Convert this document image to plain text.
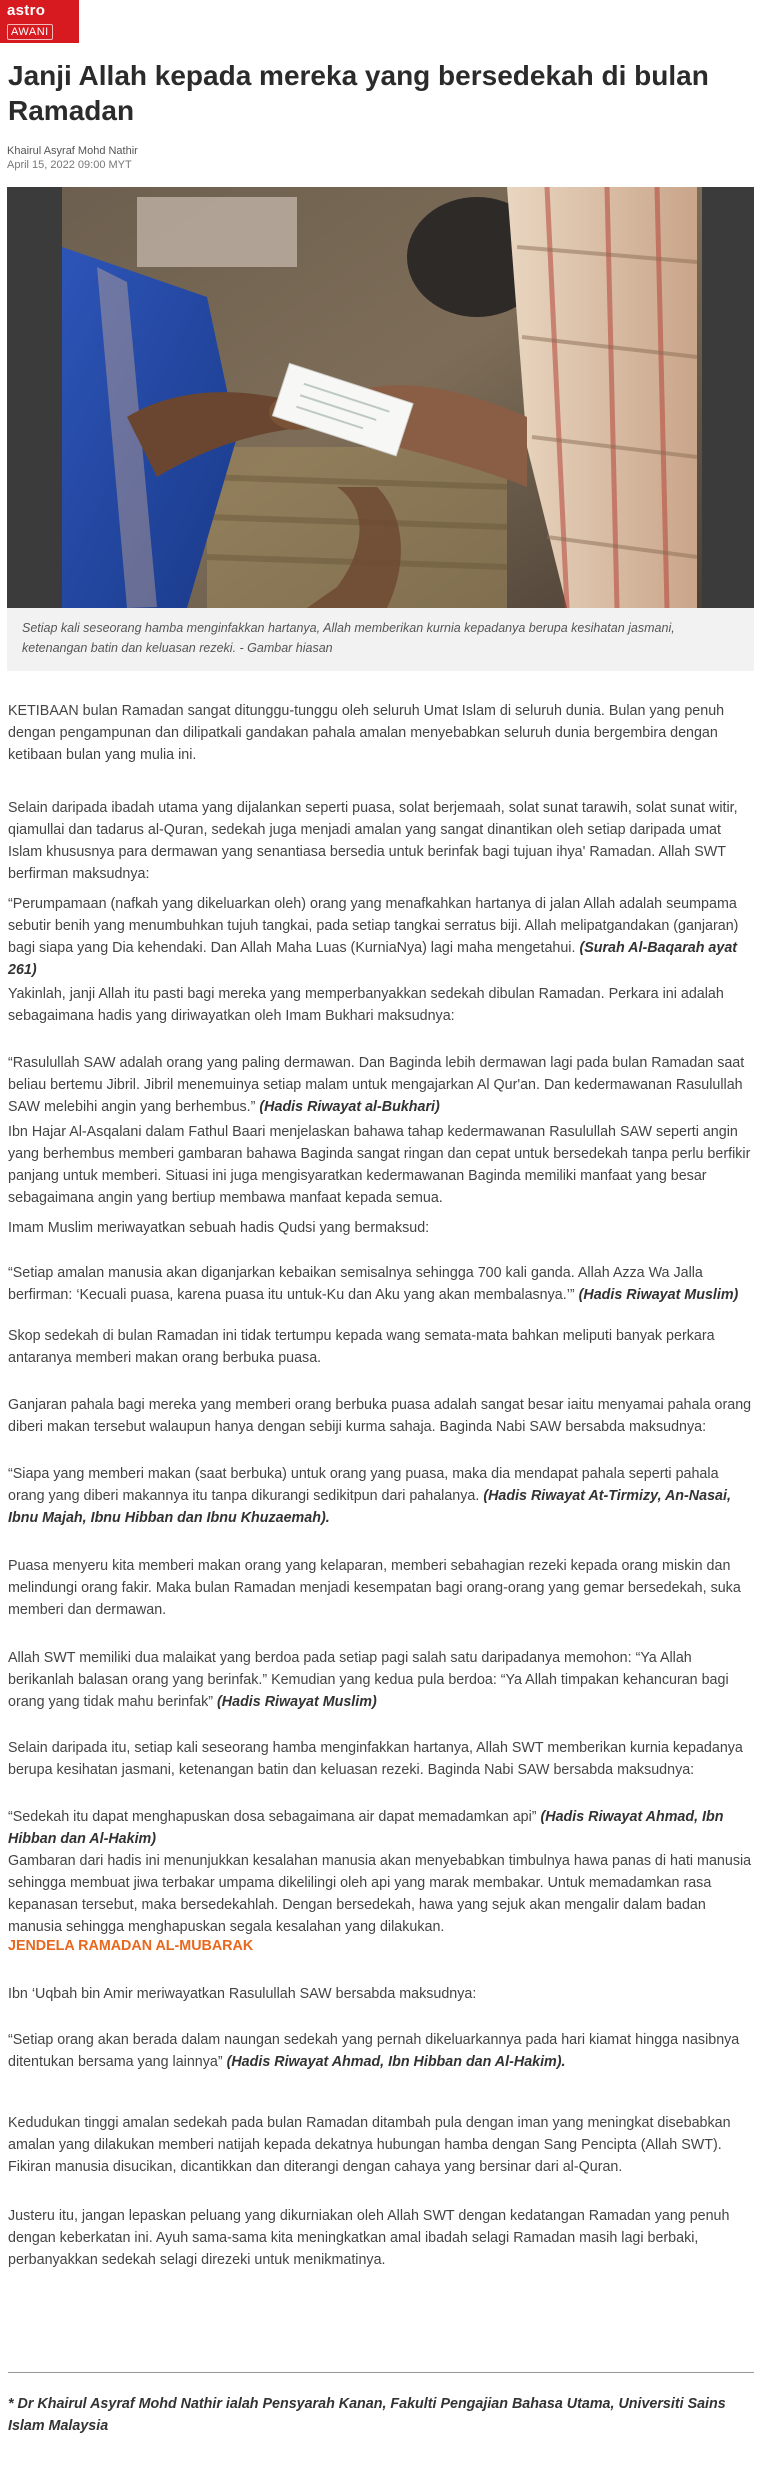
astro
AWANI
Janji Allah kepada mereka yang bersedekah di bulan Ramadan
Khairul Asyraf Mohd Nathir
April 15, 2022 09:00 MYT
Setiap kali seseorang hamba menginfakkan hartanya, Allah memberikan kurnia kepadanya berupa kesihatan jasmani, ketenangan batin dan keluasan rezeki. - Gambar hiasan

KETIBAAN bulan Ramadan sangat ditunggu-tunggu oleh seluruh Umat Islam di seluruh dunia. Bulan yang penuh dengan pengampunan dan dilipatkali gandakan pahala amalan menyebabkan seluruh dunia bergembira dengan ketibaan bulan yang mulia ini.

Selain daripada ibadah utama yang dijalankan seperti puasa, solat berjemaah, solat sunat tarawih, solat sunat witir, qiamullai dan tadarus al-Quran, sedekah juga menjadi amalan yang sangat dinantikan oleh setiap daripada umat Islam khususnya para dermawan yang senantiasa bersedia untuk berinfak bagi tujuan ihya' Ramadan. Allah SWT berfirman maksudnya:

“Perumpamaan (nafkah yang dikeluarkan oleh) orang yang menafkahkan hartanya di jalan Allah adalah seumpama sebutir benih yang menumbuhkan tujuh tangkai, pada setiap tangkai serratus biji. Allah melipatgandakan (ganjaran) bagi siapa yang Dia kehendaki. Dan Allah Maha Luas (KurniaNya) lagi maha mengetahui. (Surah Al-Baqarah ayat 261)

Yakinlah, janji Allah itu pasti bagi mereka yang memperbanyakkan sedekah dibulan Ramadan. Perkara ini adalah sebagaimana hadis yang diriwayatkan oleh Imam Bukhari maksudnya:

“Rasulullah SAW adalah orang yang paling dermawan. Dan Baginda lebih dermawan lagi pada bulan Ramadan saat beliau bertemu Jibril. Jibril menemuinya setiap malam untuk mengajarkan Al Qur'an. Dan kedermawanan Rasulullah SAW melebihi angin yang berhembus.” (Hadis Riwayat al-Bukhari)

Ibn Hajar Al-Asqalani dalam Fathul Baari menjelaskan bahawa tahap kedermawanan Rasulullah SAW seperti angin yang berhembus memberi gambaran bahawa Baginda sangat ringan dan cepat untuk bersedekah tanpa perlu berfikir panjang untuk memberi. Situasi ini juga mengisyaratkan kedermawanan Baginda memiliki manfaat yang besar sebagaimana angin yang bertiup membawa manfaat kepada semua.

Imam Muslim meriwayatkan sebuah hadis Qudsi yang bermaksud:

“Setiap amalan manusia akan diganjarkan kebaikan semisalnya sehingga 700 kali ganda. Allah Azza Wa Jalla berfirman: ‘Kecuali puasa, karena puasa itu untuk-Ku dan Aku yang akan membalasnya.’” (Hadis Riwayat Muslim)

Skop sedekah di bulan Ramadan ini tidak tertumpu kepada wang semata-mata bahkan meliputi banyak perkara antaranya memberi makan orang berbuka puasa.

Ganjaran pahala bagi mereka yang memberi orang berbuka puasa adalah sangat besar iaitu menyamai pahala orang diberi makan tersebut walaupun hanya dengan sebiji kurma sahaja. Baginda Nabi SAW bersabda maksudnya:

“Siapa yang memberi makan (saat berbuka) untuk orang yang puasa, maka dia mendapat pahala seperti pahala orang yang diberi makannya itu tanpa dikurangi sedikitpun dari pahalanya. (Hadis Riwayat At-Tirmizy, An-Nasai, Ibnu Majah, Ibnu Hibban dan Ibnu Khuzaemah).

Puasa menyeru kita memberi makan orang yang kelaparan, memberi sebahagian rezeki kepada orang miskin dan melindungi orang fakir. Maka bulan Ramadan menjadi kesempatan bagi orang-orang yang gemar bersedekah, suka memberi dan dermawan.

Allah SWT memiliki dua malaikat yang berdoa pada setiap pagi salah satu daripadanya memohon: “Ya Allah berikanlah balasan orang yang berinfak.” Kemudian yang kedua pula berdoa: “Ya Allah timpakan kehancuran bagi orang yang tidak mahu berinfak” (Hadis Riwayat Muslim)

Selain daripada itu, setiap kali seseorang hamba menginfakkan hartanya, Allah SWT memberikan kurnia kepadanya berupa kesihatan jasmani, ketenangan batin dan keluasan rezeki. Baginda Nabi SAW bersabda maksudnya:

“Sedekah itu dapat menghapuskan dosa sebagaimana air dapat memadamkan api” (Hadis Riwayat Ahmad, Ibn Hibban dan Al-Hakim)

Gambaran dari hadis ini menunjukkan kesalahan manusia akan menyebabkan timbulnya hawa panas di hati manusia sehingga membuat jiwa terbakar umpama dikelilingi oleh api yang marak membakar. Untuk memadamkan rasa kepanasan tersebut, maka bersedekahlah. Dengan bersedekah, hawa yang sejuk akan mengalir dalam badan manusia sehingga menghapuskan segala kesalahan yang dilakukan.

JENDELA RAMADAN AL-MUBARAK

Ibn ‘Uqbah bin Amir meriwayatkan Rasulullah SAW bersabda maksudnya:

“Setiap orang akan berada dalam naungan sedekah yang pernah dikeluarkannya pada hari kiamat hingga nasibnya ditentukan bersama yang lainnya” (Hadis Riwayat Ahmad, Ibn Hibban dan Al-Hakim).

Kedudukan tinggi amalan sedekah pada bulan Ramadan ditambah pula dengan iman yang meningkat disebabkan amalan yang dilakukan memberi natijah kepada dekatnya hubungan hamba dengan Sang Pencipta (Allah SWT). Fikiran manusia disucikan, dicantikkan dan diterangi dengan cahaya yang bersinar dari al-Quran.

Justeru itu, jangan lepaskan peluang yang dikurniakan oleh Allah SWT dengan kedatangan Ramadan yang penuh dengan keberkatan ini. Ayuh sama-sama kita meningkatkan amal ibadah selagi Ramadan masih lagi berbaki, perbanyakkan sedekah selagi direzeki untuk menikmatinya.

* Dr Khairul Asyraf Mohd Nathir ialah Pensyarah Kanan, Fakulti Pengajian Bahasa Utama, Universiti Sains Islam Malaysia
